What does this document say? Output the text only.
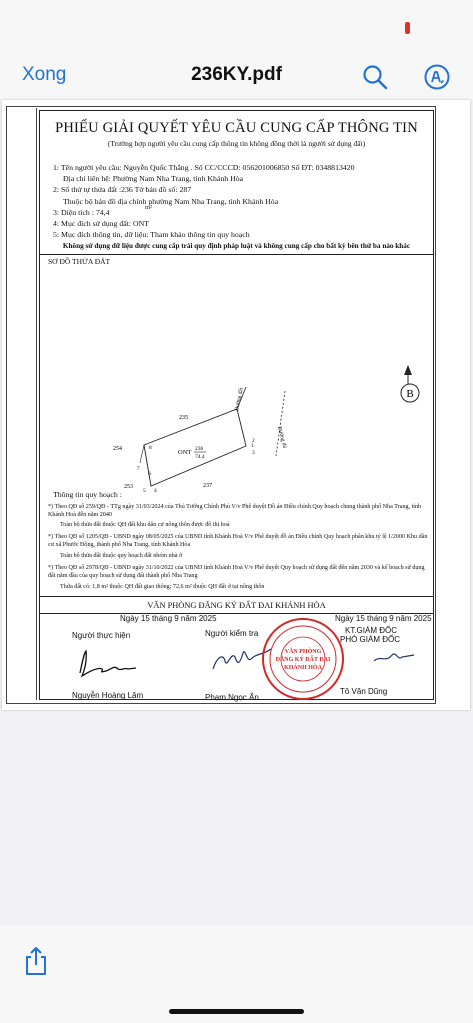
Xong	236KY.pdf
PHIẾU GIẢI QUYẾT YÊU CẦU CUNG CẤP THÔNG TIN
(Trường hợp người yêu cầu cung cấp thông tin không đồng thời là người sử dụng đất)
1: Tên người yêu cầu: Nguyễn Quốc Thắng . Số CC/CCCD: 056201006850 Số ĐT: 0348813420
Địa chỉ liên hệ: Phường Nam Nha Trang, tỉnh Khánh Hòa
2: Số thứ tự thửa đất :236 Tờ bản đồ số: 287
Thuộc bộ bản đồ địa chính phường Nam Nha Trang, tỉnh Khánh Hòa
3: Diện tích : 74,4
m²
4: Mục đích sử dụng đất: ONT
5: Mục đích thông tin, dữ liệu: Tham khảo thông tin quy hoạch
Không sử dụng dữ liệu được cung cấp trái quy định pháp luật và không cung cấp cho bất kỳ bên thứ ba nào khác
SƠ ĐỒ THỬA ĐẤT
B
Đường đất
Đường đá
235
254
253	237
ONT 236
74.4
1
2
3
4
5
6
7
8
Thông tin quy hoạch :
*) Theo QĐ số 259/QĐ - TTg ngày 31/03/2024 của Thủ Tướng Chính Phủ V/v Phê duyệt Đồ án Điều chỉnh Quy hoạch chung thành phố Nha Trang, tỉnh Khánh Hoà đến năm 2040
Toàn bộ thửa đất thuộc QH đất khu dân cư nông thôn được đô thị hoá
*) Theo QĐ số 1205/QĐ - UBND ngày 08/05/2025 của UBND tỉnh Khánh Hoà V/v Phê duyệt đồ án Điều chỉnh Quy hoạch phân khu tỷ lệ 1/2000 Khu dân cư xã Phước Đồng, thành phố Nha Trang, tỉnh Khánh Hòa
Toàn bộ thửa đất thuộc quy hoạch đất nhóm nhà ở
*) Theo QĐ số 2978/QĐ - UBND ngày 31/10/2022 của UBND tỉnh Khánh Hoà V/v Phê duyệt Quy hoạch sử dụng đất đến năm 2030 và kế hoạch sử dụng đất năm đầu của quy hoạch sử dụng đất thành phố Nha Trang
Thửa đất có: 1,8 m² thuộc QH đất giao thông; 72,6 m² thuộc QH đất ở tại nông thôn
VĂN PHÒNG ĐĂNG KÝ ĐẤT ĐAI KHÁNH HÒA
Ngày 15 tháng 9 năm 2025	Ngày 15 tháng 9 năm 2025
Người thực hiện	Người kiểm tra	KT.GIÁM ĐỐC
PHÓ GIÁM ĐỐC
VĂN PHÒNG
ĐĂNG KÝ ĐẤT ĐAI
KHÁNH HÒA
Nguyễn Hoàng Lâm	Phạm Ngọc Ẩn
Tô Văn Dũng
